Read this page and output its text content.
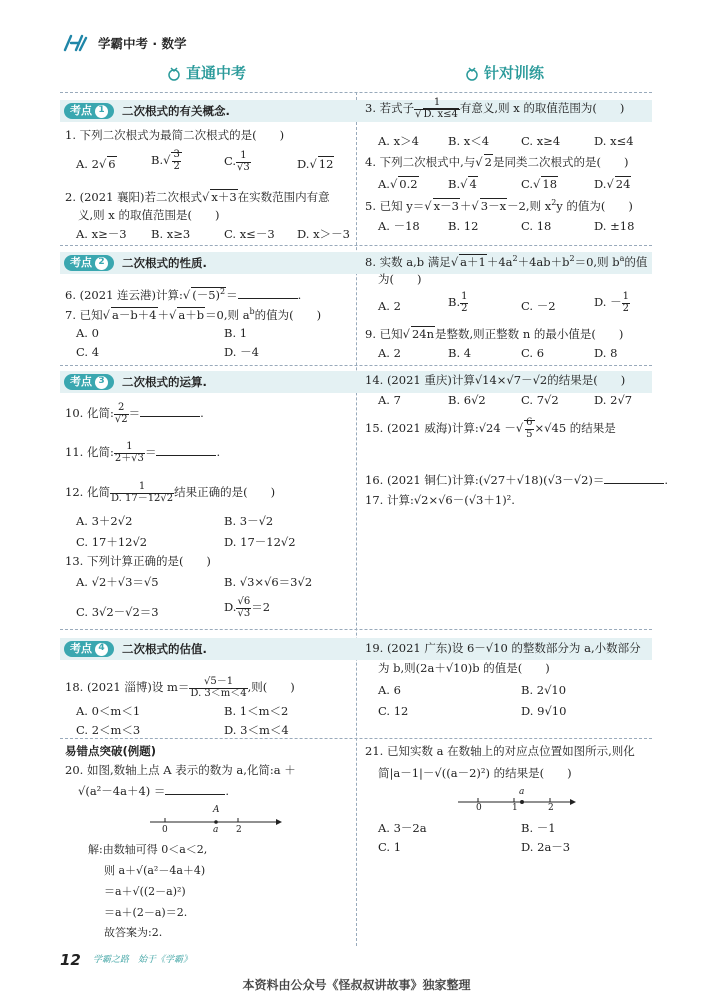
学霸中考 · 数学
直通中考	针对训练
考点 1 二次根式的有关概念.
1. 下列二次根式为最简二次根式的是(　　)
A. 2√ 6	$B.√ \frac{3}{2}$	C. $\frac{1}{√3}$	D.√ 12
2. (2021 襄阳)若二次根式√ x＋3在实数范围内有意
义,则 x 的取值范围是(　　)
A. x≥－3 B. x≥3	C. x≤－3 D. x＞－3
3. 若式子 $\frac{1}{√ D. x\le 4}$ 有意义,则 x 的取值范围为(　　)
A. x＞4	B. x＜4	C. x≥4	D. x≤4
4. 下列二次根式中,与√ 2是同类二次根式的是(　　)
A.√ 0.2	B.√ 4	C.√ 18	D.√ 24
5. 已知 y＝√ x－3＋√ 3－x－2,则 $x^2y$ 的值为(　　)
A. －18 B. 12	C. 18	D. ±18
考点 2 二次根式的性质.
6. (2021 连云港)计算:√ $(-5)^2=$	.
7. 已知√ a－b＋4＋√ a＋b＝0,则 $a^b$的值为(　　)
A. 0	B. 1
C. 4	D. －4
8. 实数 a,b 满足√ $a+1+4a^2+4ab+b^2=0$,则 $b^a$的值
为(　　)
A. 2	B. $\frac{1}{2}$	C. －2	D. － $\frac{1}{2}$
9. 已知√ 24n是整数,则正整数 n 的最小值是(　　)
A. 2	B. 4	C. 6	D. 8
考点 3 二次根式的运算.
10. 化简: $\frac{2}{√2}$ ＝	.
11. 化简: $\frac{1}{2+√3}$ ＝	.
12. 化简 $\frac{1}{D. 17-12√2}$ 结果正确的是(　　)
A. 3＋2√2	B. 3－√2
C. 17＋12√2	D. 17－12√2
13. 下列计算正确的是(　　)
A. √2＋√3＝√5	B. √3×√6＝3√2
C. 3√2－√2＝3	D. $\frac{√6}{√3} =2$
14. (2021 重庆)计算√14×√7－√2的结果是(　　)
A. 7	B. 6√2	C. 7√2	D. 2√7
15. (2021 威海)计算:√24 －√ $\frac{6}{5} \times√45$ 的结果是
16. (2021 铜仁)计算:(√27＋√18)(√3－√2)＝	.
17. 计算:√2×√6－(√3＋1)².
考点 4 二次根式的估值.
18. (2021 淄博)设 $m= \frac{√5-1}{D. 3<m<4}$ ,则(　　)
A. 0＜m＜1	B. 1＜m＜2
C. 2＜m＜3	D. 3＜m＜4
19. (2021 广东)设 6－√10 的整数部分为 a,小数部分
为 b,则(2a＋√10)b 的值是(　　)
A. 6	B. 2√10
C. 12	D. 9√10
易错点突破(例题)
20. 如图,数轴上点 A 表示的数为 a,化简:a ＋
√(a²－4a＋4) ＝	.
A
0	a 2
解:由数轴可得 0＜a＜2,
则 a＋√(a²－4a＋4)
＝a＋√((2－a)²)
＝a＋(2－a)＝2.
故答案为:2.
21. 已知实数 a 在数轴上的对应点位置如图所示,则化
简|a－1|－√((a－2)²) 的结果是(　　)
a
0	1	2
A. 3－2a	B. －1
C. 1	D. 2a－3
12 学霸之路　始于《学霸》
本资料由公众号《怪叔叔讲故事》独家整理
